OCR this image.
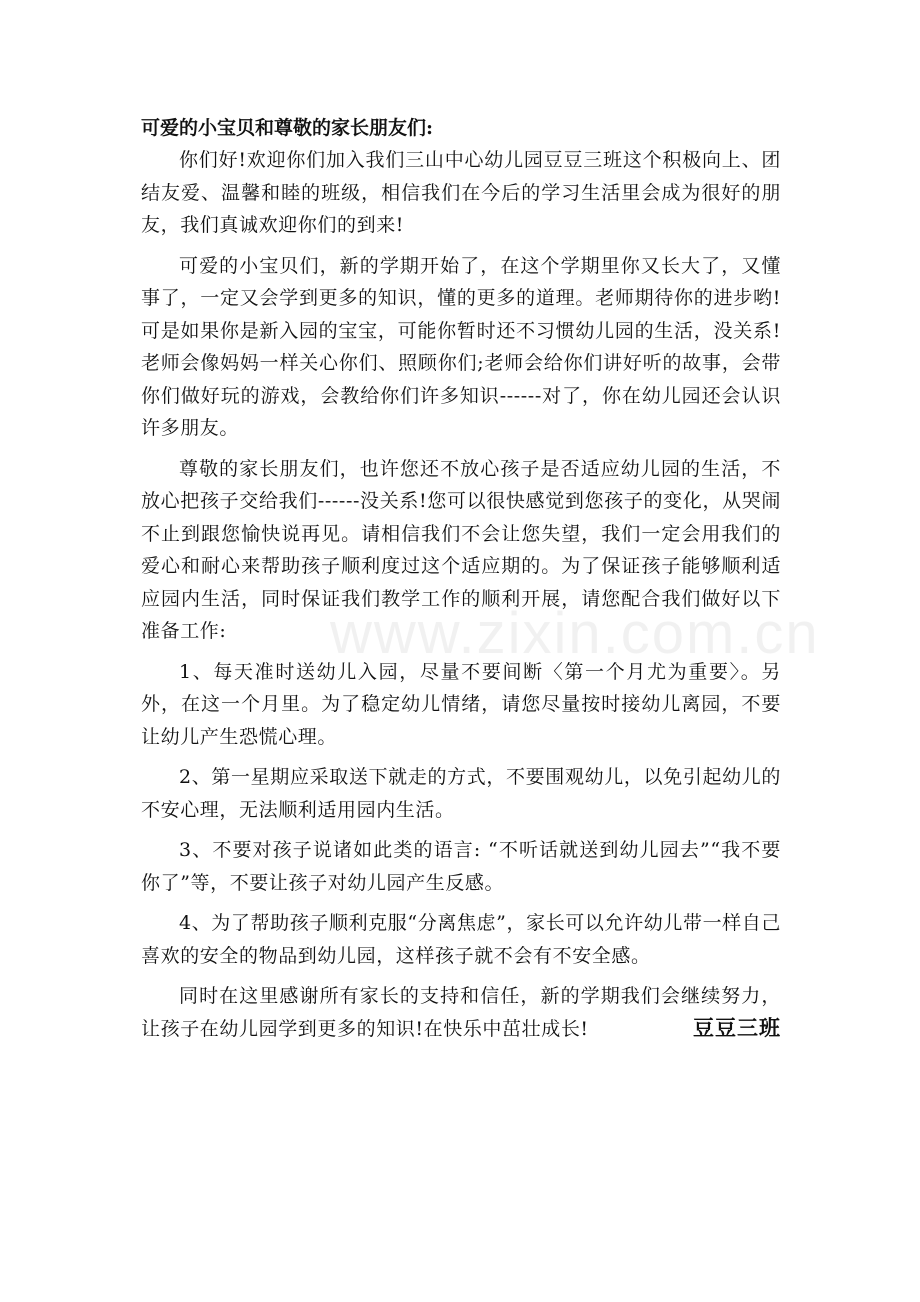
可爱的小宝贝和尊敬的家长朋友们:

你们好!欢迎你们加入我们三山中心幼儿园豆豆三班这个积极向上、团结友爱、温馨和睦的班级，相信我们在今后的学习生活里会成为很好的朋友，我们真诚欢迎你们的到来!

可爱的小宝贝们，新的学期开始了，在这个学期里你又长大了，又懂事了，一定又会学到更多的知识，懂的更多的道理。老师期待你的进步哟!可是如果你是新入园的宝宝，可能你暂时还不习惯幼儿园的生活，没关系!老师会像妈妈一样关心你们、照顾你们;老师会给你们讲好听的故事，会带你们做好玩的游戏，会教给你们许多知识------对了，你在幼儿园还会认识许多朋友。

尊敬的家长朋友们，也许您还不放心孩子是否适应幼儿园的生活，不放心把孩子交给我们------没关系!您可以很快感觉到您孩子的变化，从哭闹不止到跟您愉快说再见。请相信我们不会让您失望，我们一定会用我们的爱心和耐心来帮助孩子顺利度过这个适应期的。为了保证孩子能够顺利适应园内生活，同时保证我们教学工作的顺利开展，请您配合我们做好以下准备工作:

1、每天准时送幼儿入园，尽量不要间断〈第一个月尤为重要〉。另外，在这一个月里。为了稳定幼儿情绪，请您尽量按时接幼儿离园，不要让幼儿产生恐慌心理。

2、第一星期应采取送下就走的方式，不要围观幼儿，以免引起幼儿的不安心理，无法顺利适用园内生活。

3、不要对孩子说诸如此类的语言: “不听话就送到幼儿园去”“我不要你了”等，不要让孩子对幼儿园产生反感。

4、为了帮助孩子顺利克服“分离焦虑”，家长可以允许幼儿带一样自己喜欢的安全的物品到幼儿园，这样孩子就不会有不安全感。

同时在这里感谢所有家长的支持和信任，新的学期我们会继续努力，让孩子在幼儿园学到更多的知识!在快乐中茁壮成长!	豆豆三班
www.zixin.com.cn
